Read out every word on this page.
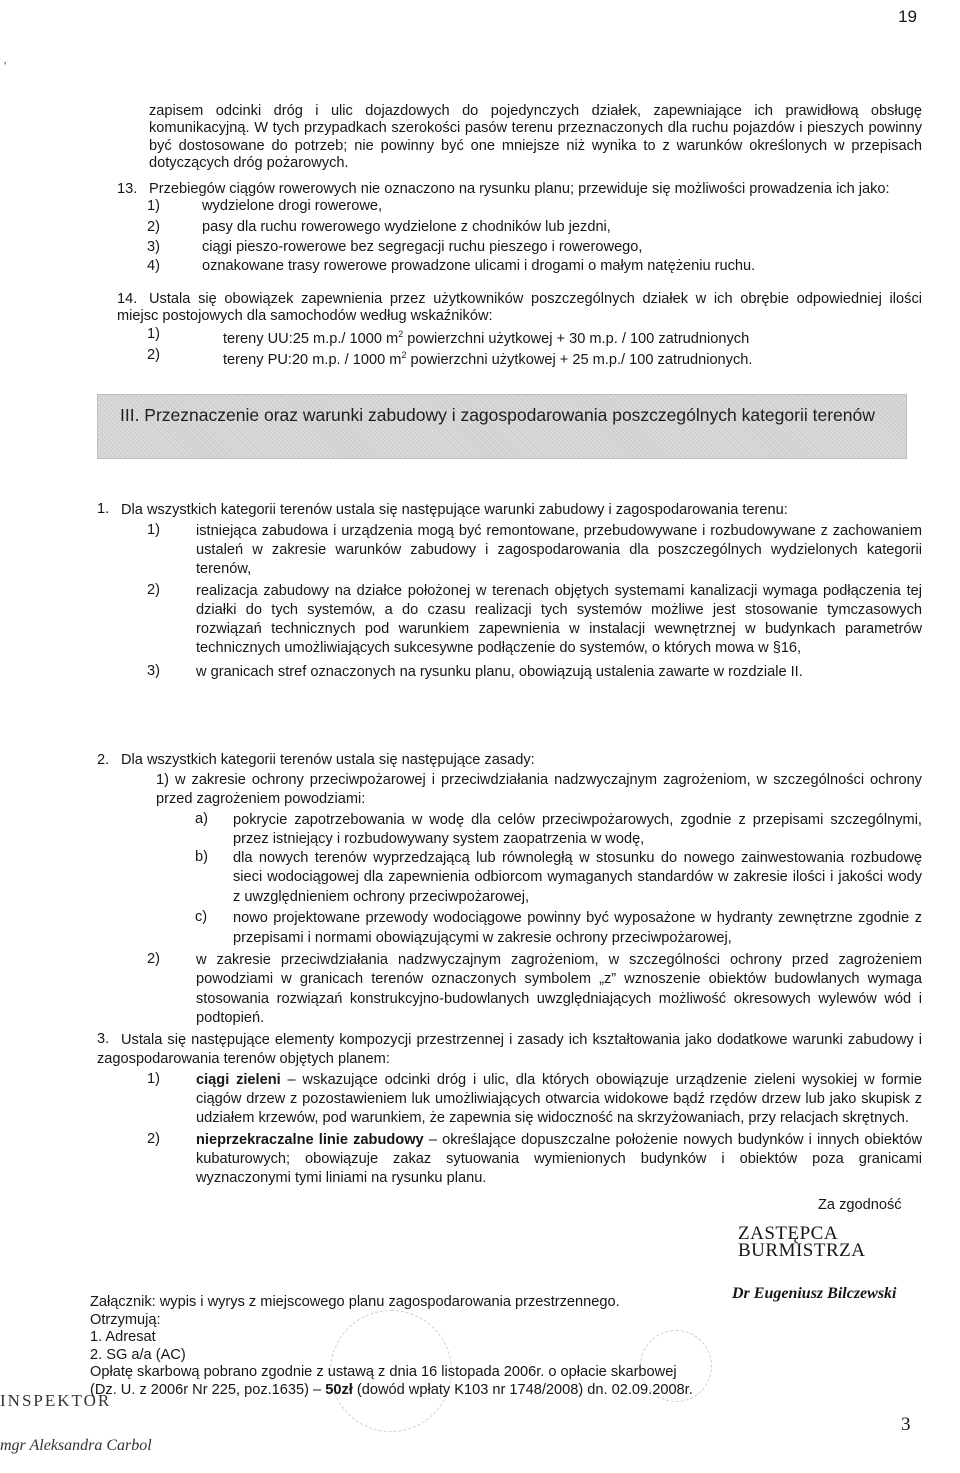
19
ʹ

zapisem odcinki dróg i ulic dojazdowych do pojedynczych działek, zapewniające ich prawidłową obsługę komunikacyjną. W tych przypadkach szerokości pasów terenu przeznaczonych dla ruchu pojazdów i pieszych powinny być dostosowane do potrzeb; nie powinny być one mniejsze niż wynika to z warunków określonych w przepisach dotyczących dróg pożarowych.

13. Przebiegów ciągów rowerowych nie oznaczono na rysunku planu; przewiduje się możliwości prowadzenia ich jako:

1)	wydzielone drogi rowerowe,
2)	pasy dla ruchu rowerowego wydzielone z chodników lub jezdni,
3)	ciągi pieszo-rowerowe bez segregacji ruchu pieszego i rowerowego,
4)	oznakowane trasy rowerowe prowadzone ulicami i drogami o małym natężeniu ruchu.
14. Ustala się obowiązek zapewnienia przez użytkowników poszczególnych działek w ich obrębie odpowiedniej ilości miejsc postojowych dla samochodów według wskaźników:

1)	tereny UU:25 m.p./ 1000 $m^2$ powierzchni użytkowej + 30 m.p. / 100 zatrudnionych
2)	tereny PU:20 m.p. / 1000 $m^2$ powierzchni użytkowej + 25 m.p./ 100 zatrudnionych.
III. Przeznaczenie oraz warunki zabudowy i zagospodarowania poszczególnych kategorii terenów
1. Dla wszystkich kategorii terenów ustala się następujące warunki zabudowy i zagospodarowania terenu:

1) istniejąca zabudowa i urządzenia mogą być remontowane, przebudowywane i rozbudowywane z zachowaniem ustaleń w zakresie warunków zabudowy i zagospodarowania dla poszczególnych wydzielonych kategorii terenów,

2) realizacja zabudowy na działce położonej w terenach objętych systemami kanalizacji wymaga podłączenia tej działki do tych systemów, a do czasu realizacji tych systemów możliwe jest stosowanie tymczasowych rozwiązań technicznych pod warunkiem zapewnienia w instalacji wewnętrznej w budynkach parametrów technicznych umożliwiających sukcesywne podłączenie do systemów, o których mowa w §16,

3) w granicach stref oznaczonych na rysunku planu, obowiązują ustalenia zawarte w rozdziale II.

2. Dla wszystkich kategorii terenów ustala się następujące zasady:

1) w zakresie ochrony przeciwpożarowej i przeciwdziałania nadzwyczajnym zagrożeniom, w szczególności ochrony przed zagrożeniem powodziami:

a) pokrycie zapotrzebowania w wodę dla celów przeciwpożarowych, zgodnie z przepisami szczególnymi, przez istniejący i rozbudowywany system zaopatrzenia w wodę,

b) dla nowych terenów wyprzedzającą lub równoległą w stosunku do nowego zainwestowania rozbudowę sieci wodociągowej dla zapewnienia odbiorcom wymaganych standardów w zakresie ilości i jakości wody z uwzględnieniem ochrony przeciwpożarowej,

c) nowo projektowane przewody wodociągowe powinny być wyposażone w hydranty zewnętrzne zgodnie z przepisami i normami obowiązującymi w zakresie ochrony przeciwpożarowej,

2) w zakresie przeciwdziałania nadzwyczajnym zagrożeniom, w szczególności ochrony przed zagrożeniem powodziami w granicach terenów oznaczonych symbolem „z” wznoszenie obiektów budowlanych wymaga stosowania rozwiązań konstrukcyjno-budowlanych uwzględniających możliwość okresowych wylewów wód i podtopień.

3. Ustala się następujące elementy kompozycji przestrzennej i zasady ich kształtowania jako dodatkowe warunki zabudowy i zagospodarowania terenów objętych planem:

1) ciągi zieleni – wskazujące odcinki dróg i ulic, dla których obowiązuje urządzenie zieleni wysokiej w formie ciągów drzew z pozostawieniem luk umożliwiających otwarcia widokowe bądź rzędów drzew lub jako skupisk z udziałem krzewów, pod warunkiem, że zapewnia się widoczność na skrzyżowaniach, przy relacjach skrętnych.

2) nieprzekraczalne linie zabudowy – określające dopuszczalne położenie nowych budynków i innych obiektów kubaturowych; obowiązuje zakaz sytuowania wymienionych budynków i obiektów poza granicami wyznaczonymi tymi liniami na rysunku planu.

Za zgodność
ZASTĘPCA BURMISTRZA
Dr Eugeniusz Bilczewski
Załącznik: wypis i wyrys z miejscowego planu zagospodarowania przestrzennego.
Otrzymują:
1. Adresat
2. SG a/a (AC)
Opłatę skarbową pobrano zgodnie z ustawą z dnia 16 listopada 2006r. o opłacie skarbowej
(Dz. U. z 2006r Nr 225, poz.1635) – 50zł (dowód wpłaty K103 nr 1748/2008) dn. 02.09.2008r.
INSPEKTOR
mgr Aleksandra Carbol
3
